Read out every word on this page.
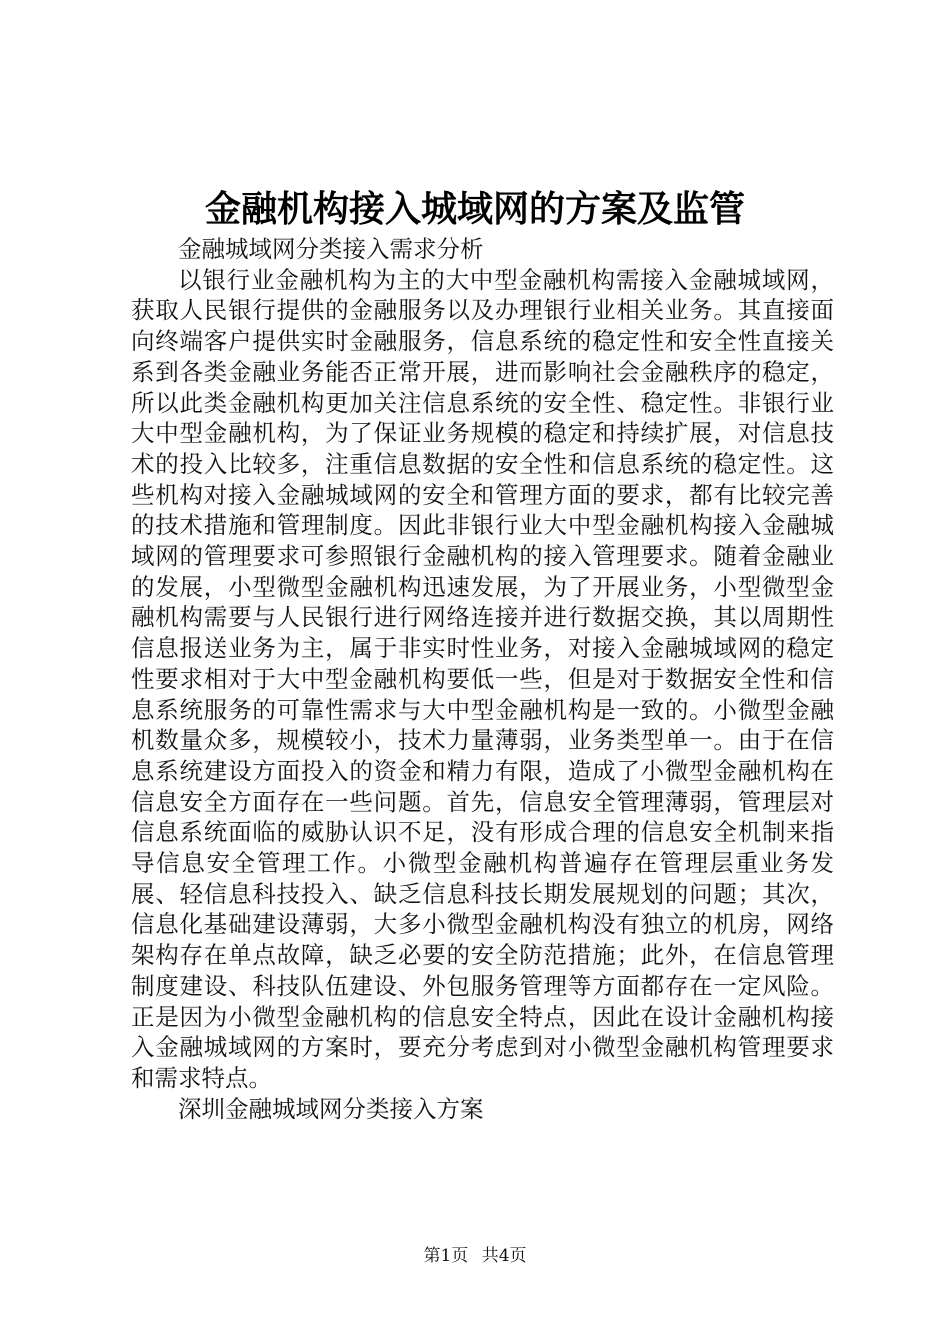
金融机构接入城域网的方案及监管

金融城域网分类接入需求分析

以银行业金融机构为主的大中型金融机构需接入金融城域网，获取人民银行提供的金融服务以及办理银行业相关业务。其直接面向终端客户提供实时金融服务，信息系统的稳定性和安全性直接关系到各类金融业务能否正常开展，进而影响社会金融秩序的稳定，所以此类金融机构更加关注信息系统的安全性、稳定性。非银行业大中型金融机构，为了保证业务规模的稳定和持续扩展，对信息技术的投入比较多，注重信息数据的安全性和信息系统的稳定性。这些机构对接入金融城域网的安全和管理方面的要求，都有比较完善的技术措施和管理制度。因此非银行业大中型金融机构接入金融城域网的管理要求可参照银行金融机构的接入管理要求。随着金融业的发展，小型微型金融机构迅速发展，为了开展业务，小型微型金融机构需要与人民银行进行网络连接并进行数据交换，其以周期性信息报送业务为主，属于非实时性业务，对接入金融城域网的稳定性要求相对于大中型金融机构要低一些，但是对于数据安全性和信息系统服务的可靠性需求与大中型金融机构是一致的。小微型金融机数量众多，规模较小，技术力量薄弱，业务类型单一。由于在信息系统建设方面投入的资金和精力有限，造成了小微型金融机构在信息安全方面存在一些问题。首先，信息安全管理薄弱，管理层对信息系统面临的威胁认识不足，没有形成合理的信息安全机制来指导信息安全管理工作。小微型金融机构普遍存在管理层重业务发展、轻信息科技投入、缺乏信息科技长期发展规划的问题；其次，信息化基础建设薄弱，大多小微型金融机构没有独立的机房，网络架构存在单点故障，缺乏必要的安全防范措施；此外，在信息管理制度建设、科技队伍建设、外包服务管理等方面都存在一定风险。正是因为小微型金融机构的信息安全特点，因此在设计金融机构接入金融城域网的方案时，要充分考虑到对小微型金融机构管理要求和需求特点。

深圳金融城域网分类接入方案

第1页 共4页
